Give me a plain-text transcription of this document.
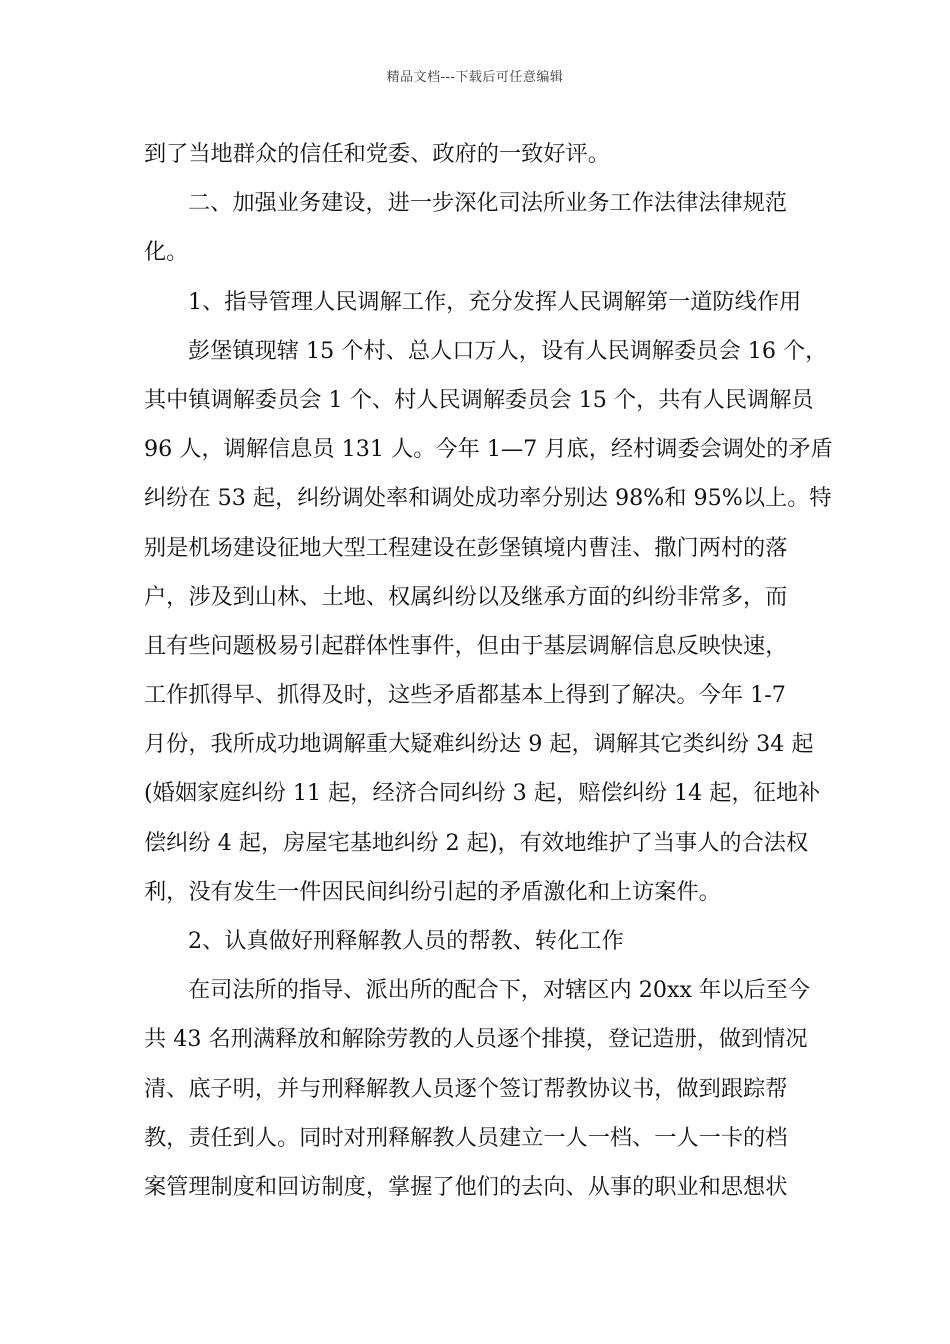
精品文档---下载后可任意编辑
到了当地群众的信任和党委、政府的一致好评。
二、加强业务建设，进一步深化司法所业务工作法律法律规范
化。
1、指导管理人民调解工作，充分发挥人民调解第一道防线作用
彭堡镇现辖 15 个村、总人口万人，设有人民调解委员会 16 个，
其中镇调解委员会 1 个、村人民调解委员会 15 个，共有人民调解员
96 人，调解信息员 131 人。今年 1—7 月底，经村调委会调处的矛盾
纠纷在 53 起，纠纷调处率和调处成功率分别达 98%和 95%以上。特
别是机场建设征地大型工程建设在彭堡镇境内曹洼、撒门两村的落
户，涉及到山林、土地、权属纠纷以及继承方面的纠纷非常多，而
且有些问题极易引起群体性事件，但由于基层调解信息反映快速，
工作抓得早、抓得及时，这些矛盾都基本上得到了解决。今年 1-7
月份，我所成功地调解重大疑难纠纷达 9 起，调解其它类纠纷 34 起
(婚姻家庭纠纷 11 起，经济合同纠纷 3 起，赔偿纠纷 14 起，征地补
偿纠纷 4 起，房屋宅基地纠纷 2 起)，有效地维护了当事人的合法权
利，没有发生一件因民间纠纷引起的矛盾激化和上访案件。
2、认真做好刑释解教人员的帮教、转化工作
在司法所的指导、派出所的配合下，对辖区内 20xx 年以后至今
共 43 名刑满释放和解除劳教的人员逐个排摸，登记造册，做到情况
清、底子明，并与刑释解教人员逐个签订帮教协议书，做到跟踪帮
教，责任到人。同时对刑释解教人员建立一人一档、一人一卡的档
案管理制度和回访制度，掌握了他们的去向、从事的职业和思想状
